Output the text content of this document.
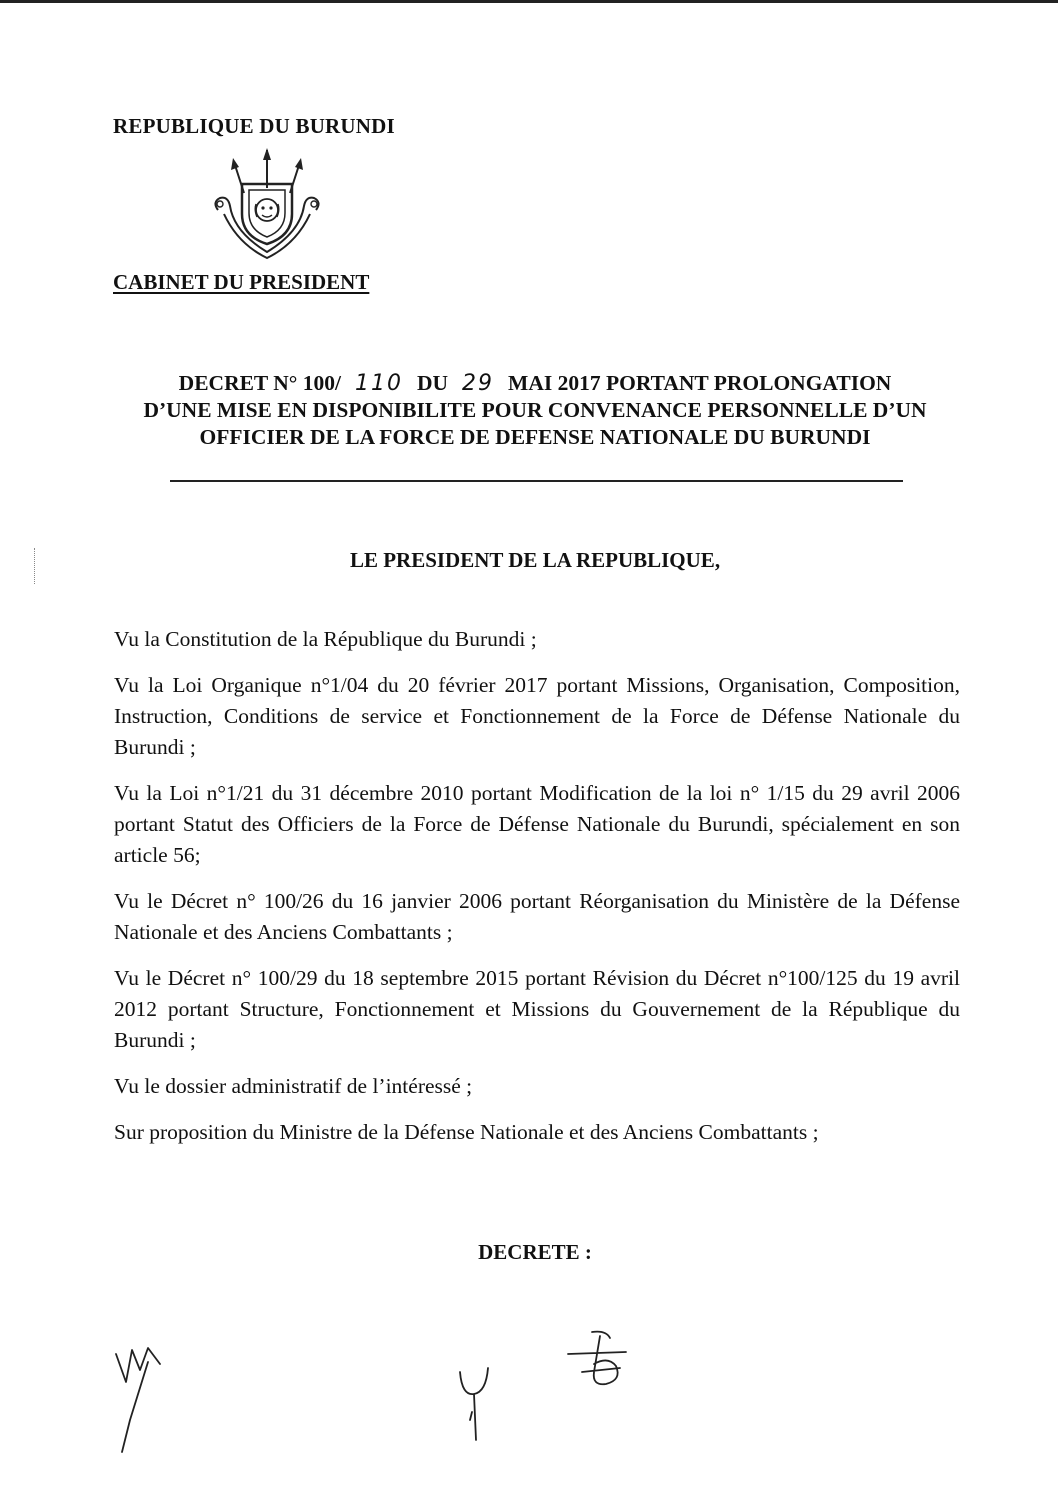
REPUBLIQUE DU BURUNDI
CABINET DU PRESIDENT
DECRET N° 100/ 110 DU 29 MAI 2017 PORTANT PROLONGATION
D’UNE MISE EN DISPONIBILITE POUR CONVENANCE PERSONNELLE D’UN
OFFICIER DE LA FORCE DE DEFENSE NATIONALE DU BURUNDI
LE PRESIDENT DE LA REPUBLIQUE,

Vu la Constitution de la République du Burundi ;

Vu la Loi Organique n°1/04 du 20 février 2017 portant Missions, Organisation, Composition, Instruction, Conditions de service et Fonctionnement de la Force de Défense Nationale du Burundi ;

Vu la Loi n°1/21 du 31 décembre 2010 portant Modification de la loi n° 1/15 du 29 avril 2006 portant Statut des Officiers de la Force de Défense Nationale du Burundi, spécialement en son article 56;

Vu le Décret n° 100/26 du 16 janvier 2006 portant Réorganisation du Ministère de la Défense Nationale et des Anciens Combattants ;

Vu le Décret n° 100/29 du 18 septembre 2015 portant Révision du Décret n°100/125 du 19 avril 2012 portant Structure, Fonctionnement et Missions du Gouvernement de la République du Burundi ;

Vu le dossier administratif de l’intéressé ;

Sur proposition du Ministre de la Défense Nationale et des Anciens Combattants ;

DECRETE :
